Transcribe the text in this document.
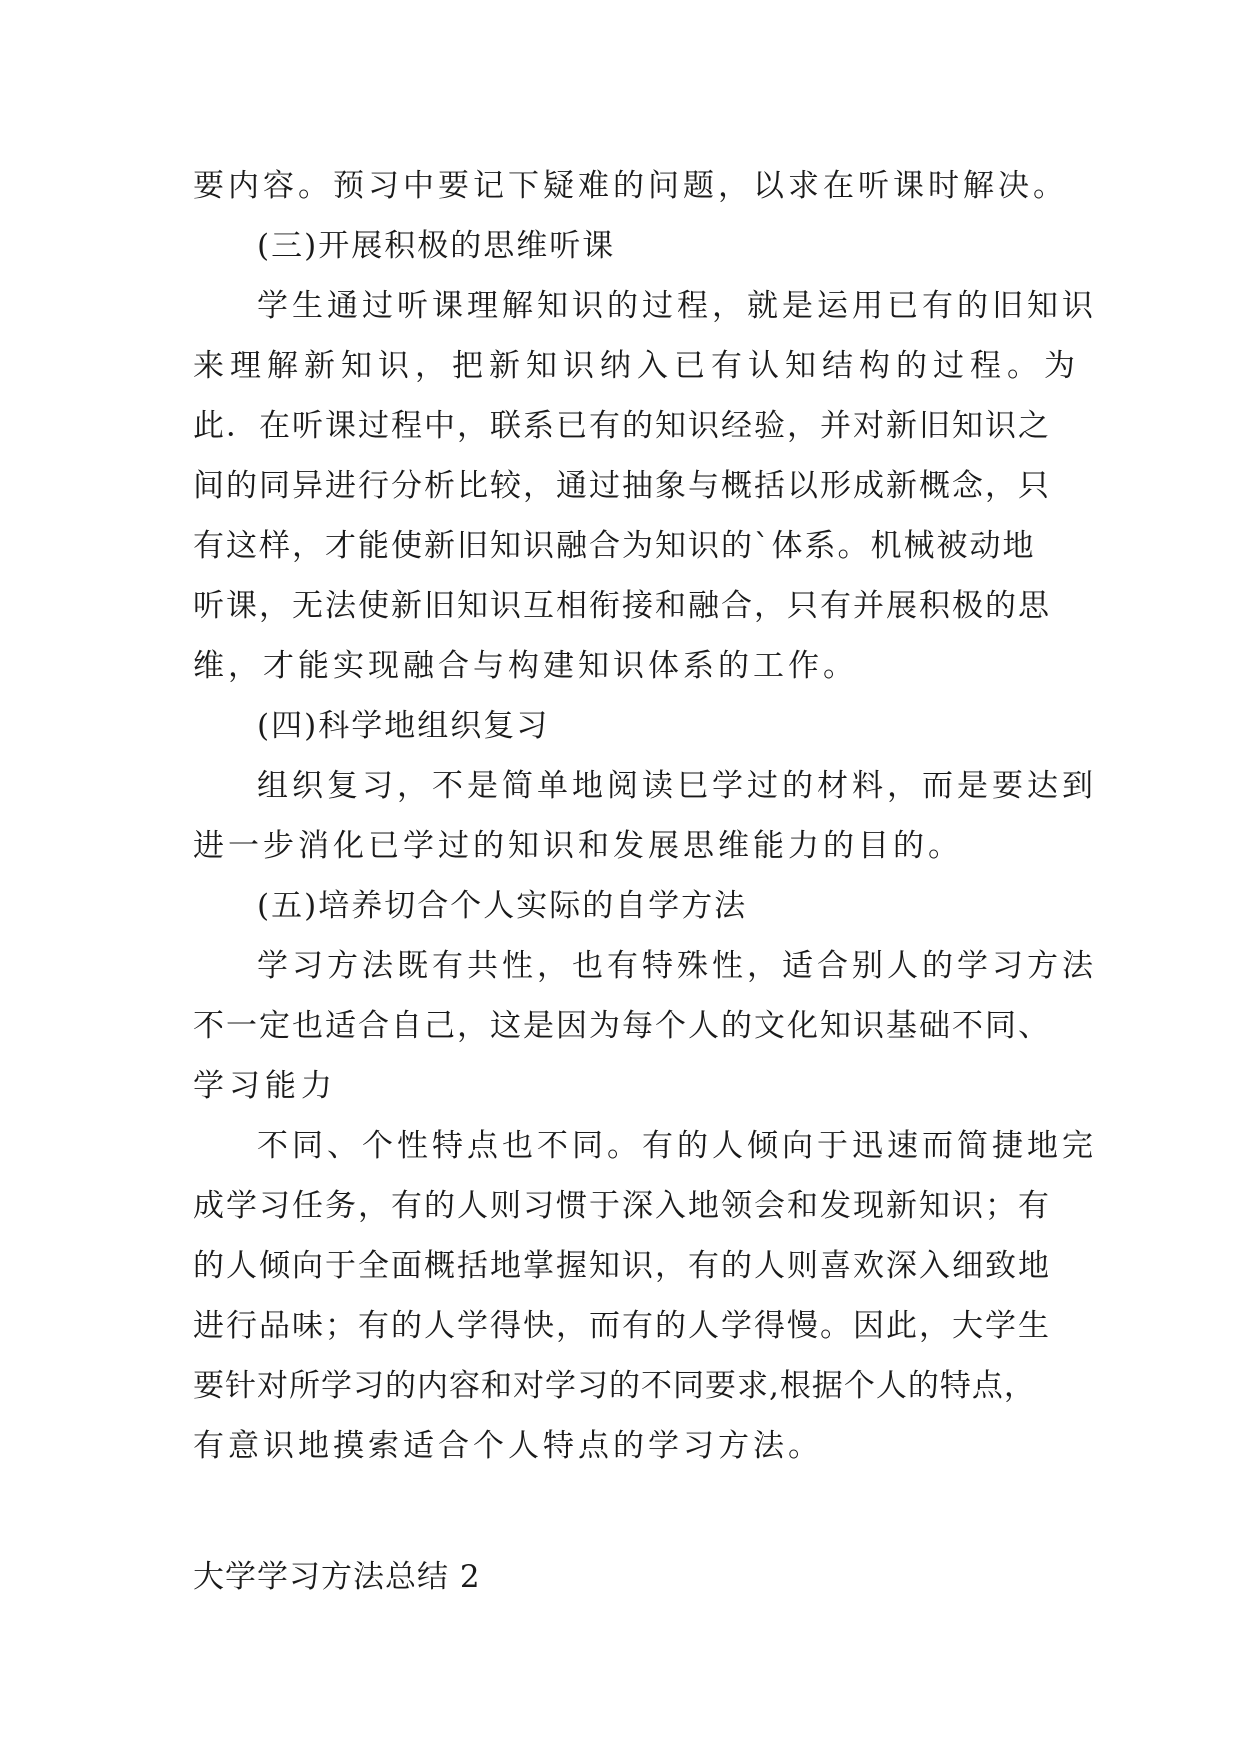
要内容。预习中要记下疑难的问题，以求在听课时解决。
(三)开展积极的思维听课
学生通过听课理解知识的过程，就是运用已有的旧知识
来理解新知识，把新知识纳入已有认知结构的过程。为
此．在听课过程中，联系已有的知识经验，并对新旧知识之
间的同异进行分析比较，通过抽象与概括以形成新概念，只
有这样，才能使新旧知识融合为知识的`体系。机械被动地
听课，无法使新旧知识互相衔接和融合，只有并展积极的思
维，才能实现融合与构建知识体系的工作。
(四)科学地组织复习
组织复习，不是简单地阅读巳学过的材料，而是要达到
进一步消化已学过的知识和发展思维能力的目的。
(五)培养切合个人实际的自学方法
学习方法既有共性，也有特殊性，适合别人的学习方法
不一定也适合自己，这是因为每个人的文化知识基础不同、
学习能力
不同、个性特点也不同。有的人倾向于迅速而简捷地完
成学习任务，有的人则习惯于深入地领会和发现新知识；有
的人倾向于全面概括地掌握知识，有的人则喜欢深入细致地
进行品味；有的人学得快，而有的人学得慢。因此，大学生
要针对所学习的内容和对学习的不同要求,根据个人的特点，
有意识地摸索适合个人特点的学习方法。
大学学习方法总结 2
